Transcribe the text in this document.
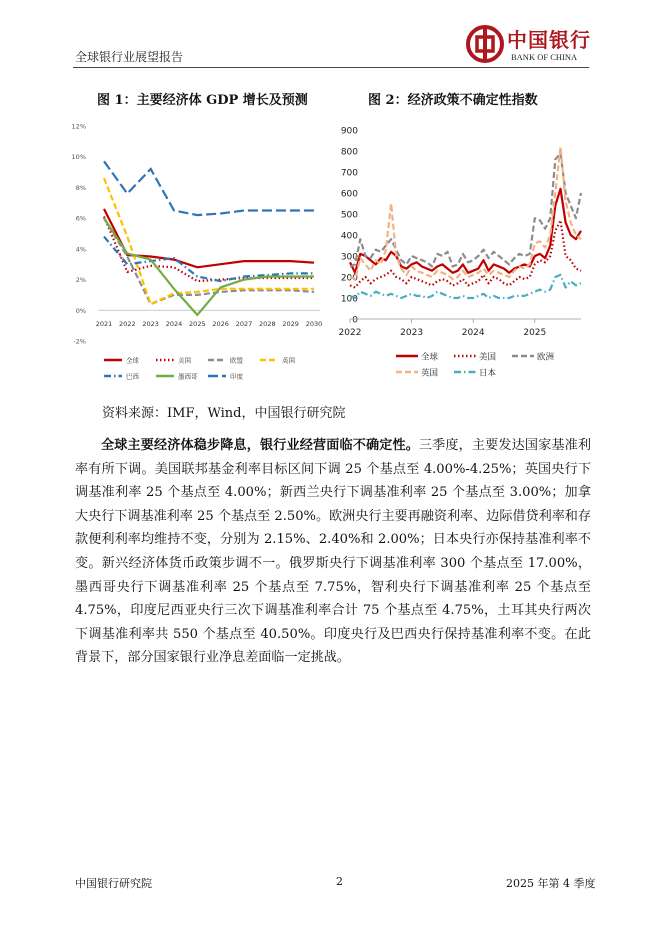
全球银行业展望报告
中国银行
BANK OF CHINA
图 1：主要经济体 GDP 增长及预测	图 2：经济政策不确定性指数
12%
10%
8%
6%
4%
2%
0%
-2%
2021 2022 2023 2024 2025 2026 2027 2028 2029 2030
全球	美国	欧盟	英国
巴西	墨西哥	印度
900
800
700
600
500
400
300
200
100
0
2022	2023	2024	2025
全球	美国	欧洲
英国	日本
资料来源：IMF，Wind，中国银行研究院
全球主要经济体稳步降息，银行业经营面临不确定性。三季度，主要发达国家基准利率有所下调。美国联邦基金利率目标区间下调 25 个基点至 4.00%-4.25%；英国央行下调基准利率 25 个基点至 4.00%；新西兰央行下调基准利率 25 个基点至 3.00%；加拿大央行下调基准利率 25 个基点至 2.50%。欧洲央行主要再融资利率、边际借贷利率和存款便利利率均维持不变，分别为 2.15%、2.40%和 2.00%；日本央行亦保持基准利率不变。新兴经济体货币政策步调不一。俄罗斯央行下调基准利率 300 个基点至 17.00%，墨西哥央行下调基准利率 25 个基点至 7.75%，智利央行下调基准利率 25 个基点至 4.75%，印度尼西亚央行三次下调基准利率合计 75 个基点至 4.75%，土耳其央行两次下调基准利率共 550 个基点至 40.50%。印度央行及巴西央行保持基准利率不变。在此背景下，部分国家银行业净息差面临一定挑战。
中国银行研究院	2	2025 年第 4 季度
